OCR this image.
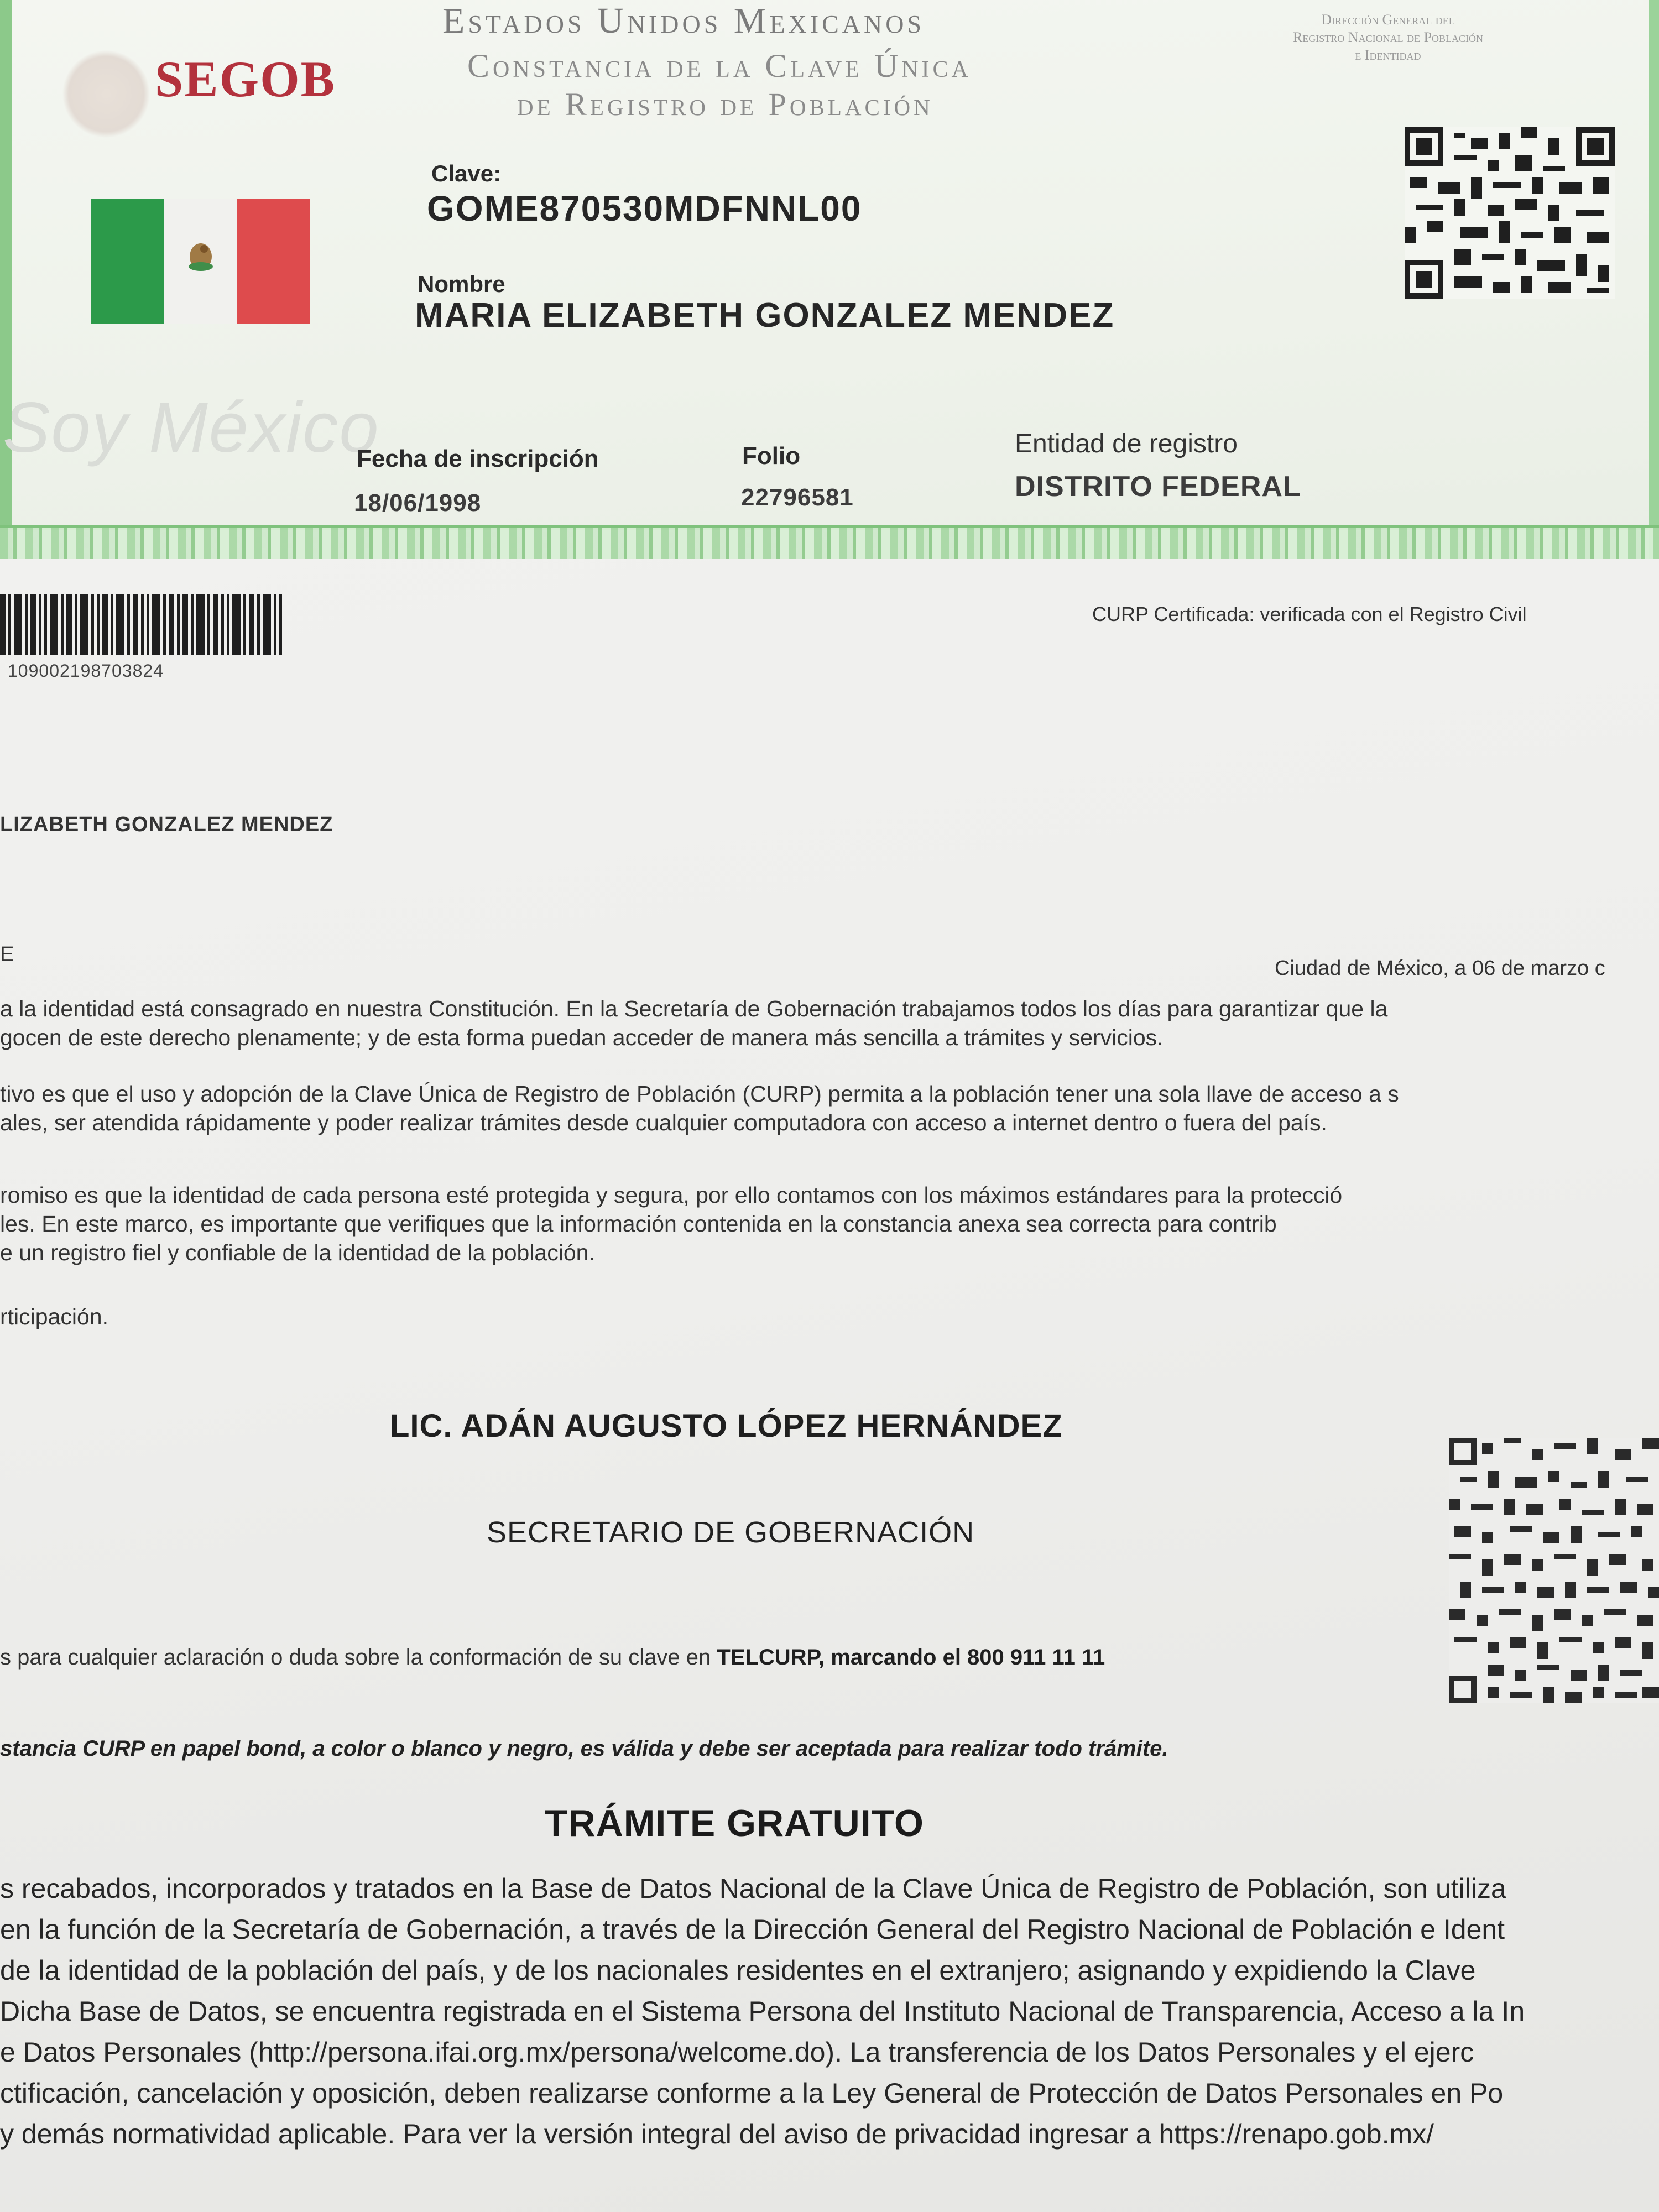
Estados Unidos Mexicanos
Constancia de la Clave Única
de Registro de Población
Dirección General del
Registro Nacional de Población
e Identidad
SEGOB
Clave:
GOME870530MDFNNL00
Nombre
MARIA ELIZABETH GONZALEZ MENDEZ
Soy México
Fecha de inscripción
18/06/1998
Folio
22796581
Entidad de registro
DISTRITO FEDERAL
109002198703824
CURP Certificada: verificada con el Registro Civil
LIZABETH GONZALEZ MENDEZ
E
Ciudad de México, a 06 de marzo c
a la identidad está consagrado en nuestra Constitución. En la Secretaría de Gobernación trabajamos todos los días para garantizar que la
gocen de este derecho plenamente; y de esta forma puedan acceder de manera más sencilla a trámites y servicios.
tivo es que el uso y adopción de la Clave Única de Registro de Población (CURP) permita a la población tener una sola llave de acceso a s
ales, ser atendida rápidamente y poder realizar trámites desde cualquier computadora con acceso a internet dentro o fuera del país.
romiso es que la identidad de cada persona esté protegida y segura, por ello contamos con los máximos estándares para la protecció
les. En este marco, es importante que verifiques que la información contenida en la constancia anexa sea correcta para contrib
e un registro fiel y confiable de la identidad de la población.
rticipación.
LIC. ADÁN AUGUSTO LÓPEZ HERNÁNDEZ
SECRETARIO DE GOBERNACIÓN
s para cualquier aclaración o duda sobre la conformación de su clave en TELCURP, marcando el 800 911 11 11
stancia CURP en papel bond, a color o blanco y negro, es válida y debe ser aceptada para realizar todo trámite.
TRÁMITE GRATUITO
s recabados, incorporados y tratados en la Base de Datos Nacional de la Clave Única de Registro de Población, son utiliza
en la función de la Secretaría de Gobernación, a través de la Dirección General del Registro Nacional de Población e Ident
de la identidad de la población del país, y de los nacionales residentes en el extranjero; asignando y expidiendo la Clave
Dicha Base de Datos, se encuentra registrada en el Sistema Persona del Instituto Nacional de Transparencia, Acceso a la In
e Datos Personales (http://persona.ifai.org.mx/persona/welcome.do). La transferencia de los Datos Personales y el ejerc
ctificación, cancelación y oposición, deben realizarse conforme a la Ley General de Protección de Datos Personales en Po
y demás normatividad aplicable. Para ver la versión integral del aviso de privacidad ingresar a https://renapo.gob.mx/
